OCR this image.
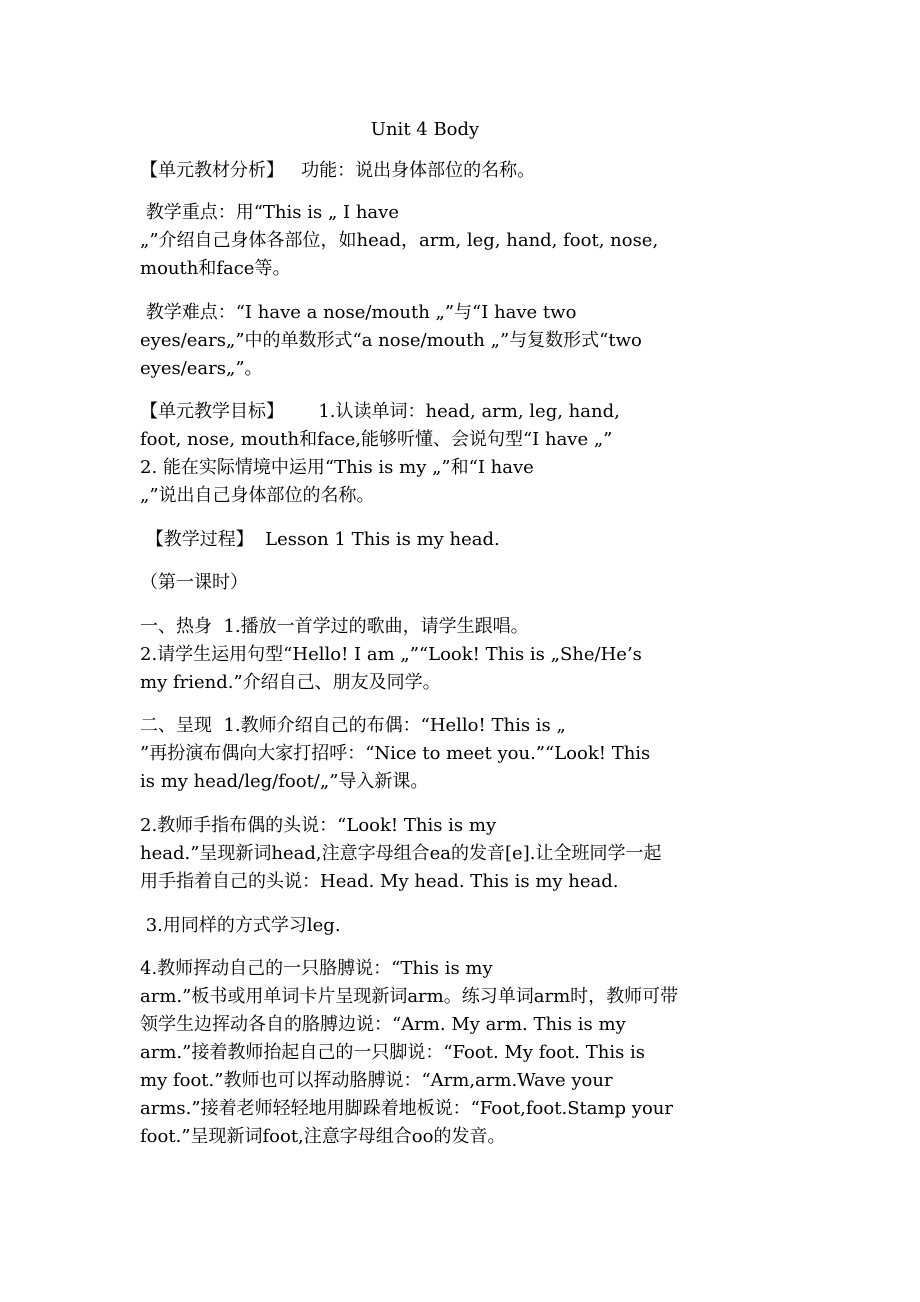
Unit 4 Body
【单元教材分析】   功能：说出身体部位的名称。
教学重点：用“This is „ I have
„”介绍自己身体各部位，如head，arm, leg, hand, foot, nose,
mouth和face等。
教学难点：“I have a nose/mouth „”与“I have two
eyes/ears„”中的单数形式“a nose/mouth „”与复数形式“two
eyes/ears„”。
【单元教学目标】      1.认读单词：head, arm, leg, hand,
foot, nose, mouth和face,能够听懂、会说句型“I have „”
2. 能在实际情境中运用“This is my „”和“I have
„”说出自己身体部位的名称。
【教学过程】  Lesson 1 This is my head.
（第一课时）
一、热身  1.播放一首学过的歌曲，请学生跟唱。
2.请学生运用句型“Hello! I am „”“Look! This is „She/He’s
my friend.”介绍自己、朋友及同学。
二、呈现  1.教师介绍自己的布偶：“Hello! This is „
”再扮演布偶向大家打招呼：“Nice to meet you.”“Look! This
is my head/leg/foot/„”导入新课。
2.教师手指布偶的头说：“Look! This is my
head.”呈现新词head,注意字母组合ea的发音[e].让全班同学一起
用手指着自己的头说：Head. My head. This is my head.
3.用同样的方式学习leg.
4.教师挥动自己的一只胳膊说：“This is my
arm.”板书或用单词卡片呈现新词arm。练习单词arm时，教师可带
领学生边挥动各自的胳膊边说：“Arm. My arm. This is my
arm.”接着教师抬起自己的一只脚说：“Foot. My foot. This is
my foot.”教师也可以挥动胳膊说：“Arm,arm.Wave your
arms.”接着老师轻轻地用脚跺着地板说：“Foot,foot.Stamp your
foot.”呈现新词foot,注意字母组合oo的发音。
